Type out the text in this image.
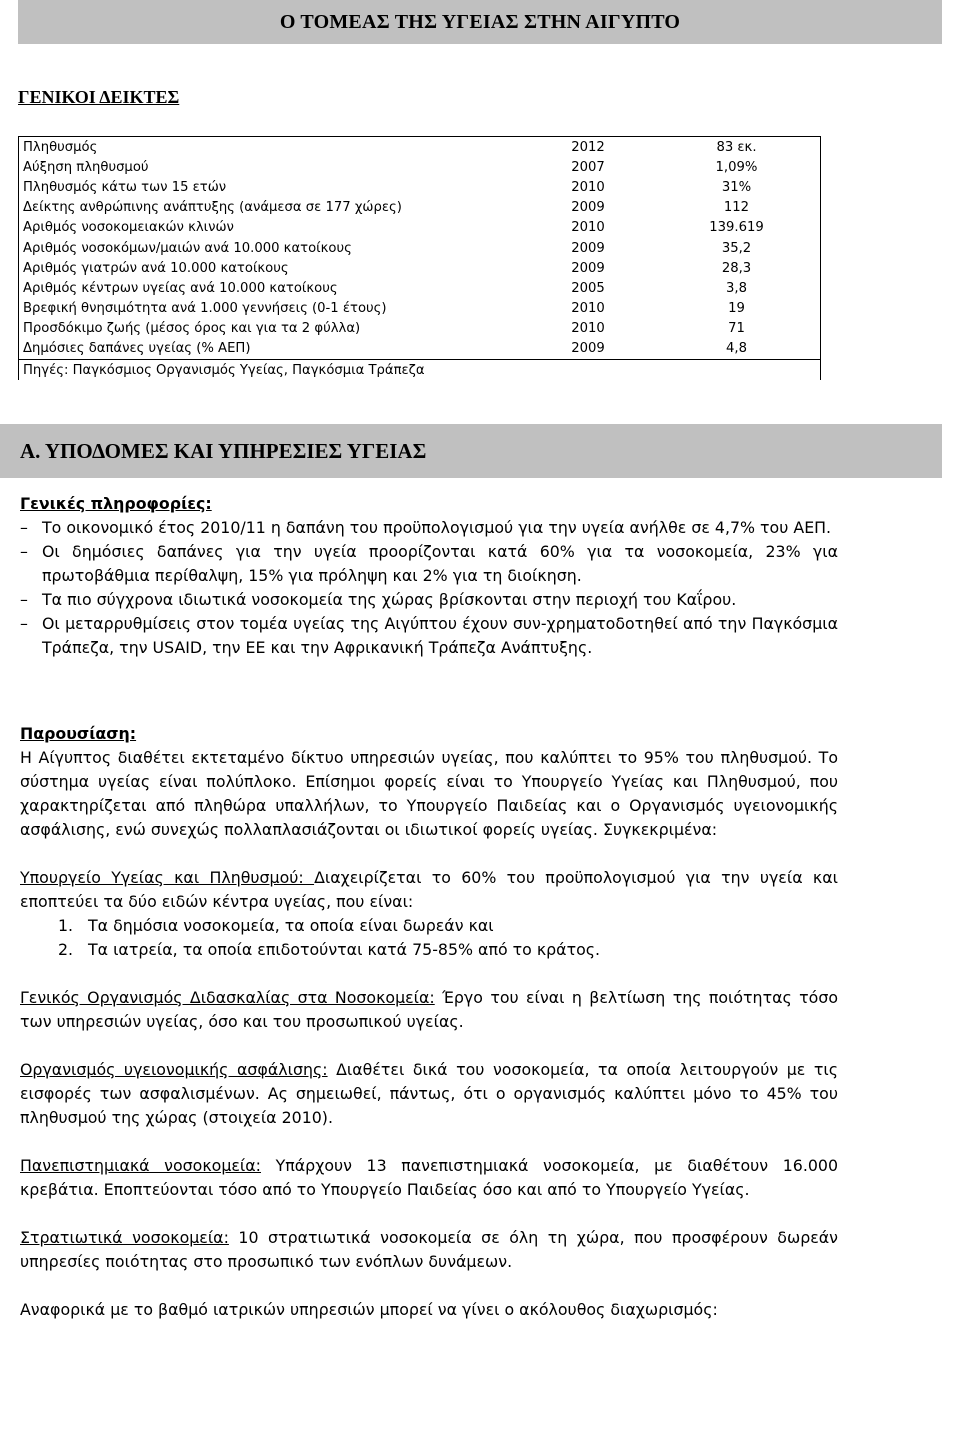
Ο ΤΟΜΕΑΣ ΤΗΣ ΥΓΕΙΑΣ ΣΤΗΝ ΑΙΓΥΠΤΟ
ΓΕΝΙΚΟΙ ΔΕΙΚΤΕΣ
Πληθυσμός	2012	83 εκ.
Αύξηση πληθυσμού	2007	1,09%
Πληθυσμός κάτω των 15 ετών	2010	31%
Δείκτης ανθρώπινης ανάπτυξης (ανάμεσα σε 177 χώρες)	2009	112
Αριθμός νοσοκομειακών κλινών	2010	139.619
Αριθμός νοσοκόμων/μαιών ανά 10.000 κατοίκους	2009	35,2
Αριθμός γιατρών ανά 10.000 κατοίκους	2009	28,3
Αριθμός κέντρων υγείας ανά 10.000 κατοίκους	2005	3,8
Βρεφική θνησιμότητα ανά 1.000 γεννήσεις (0-1 έτους)	2010	19
Προσδόκιμο ζωής (μέσος όρος και για τα 2 φύλλα)	2010	71
Δημόσιες δαπάνες υγείας (% ΑΕΠ)	2009	4,8
Πηγές: Παγκόσμιος Οργανισμός Υγείας, Παγκόσμια Τράπεζα
Α. ΥΠΟΔΟΜΕΣ ΚΑΙ ΥΠΗΡΕΣΙΕΣ ΥΓΕΙΑΣ

Γενικές πληροφορίες:

– Το οικονομικό έτος 2010/11 η δαπάνη του προϋπολογισμού για την υγεία ανήλθε σε 4,7% του ΑΕΠ.
– Οι δημόσιες δαπάνες για την υγεία προορίζονται κατά 60% για τα νοσοκομεία, 23% για πρωτοβάθμια περίθαλψη, 15% για πρόληψη και 2% για τη διοίκηση.
– Τα πιο σύγχρονα ιδιωτικά νοσοκομεία της χώρας βρίσκονται στην περιοχή του Καΐρου.
– Οι μεταρρυθμίσεις στον τομέα υγείας της Αιγύπτου έχουν συν-χρηματοδοτηθεί από την Παγκόσμια Τράπεζα, την USAID, την ΕΕ και την Αφρικανική Τράπεζα Ανάπτυξης.

Παρουσίαση:

Η Αίγυπτος διαθέτει εκτεταμένο δίκτυο υπηρεσιών υγείας, που καλύπτει το 95% του πληθυσμού. Το σύστημα υγείας είναι πολύπλοκο. Επίσημοι φορείς είναι το Υπουργείο Υγείας και Πληθυσμού, που χαρακτηρίζεται από πληθώρα υπαλλήλων, το Υπουργείο Παιδείας και ο Οργανισμός υγειονομικής ασφάλισης, ενώ συνεχώς πολλαπλασιάζονται οι ιδιωτικοί φορείς υγείας. Συγκεκριμένα:

Υπουργείο Υγείας και Πληθυσμού: Διαχειρίζεται το 60% του προϋπολογισμού για την υγεία και εποπτεύει τα δύο ειδών κέντρα υγείας, που είναι:

1. Τα δημόσια νοσοκομεία, τα οποία είναι δωρεάν και
2. Τα ιατρεία, τα οποία επιδοτούνται κατά 75-85% από το κράτος.

Γενικός Οργανισμός Διδασκαλίας στα Νοσοκομεία: Έργο του είναι η βελτίωση της ποιότητας τόσο των υπηρεσιών υγείας, όσο και του προσωπικού υγείας.

Οργανισμός υγειονομικής ασφάλισης: Διαθέτει δικά του νοσοκομεία, τα οποία λειτουργούν με τις εισφορές των ασφαλισμένων. Ας σημειωθεί, πάντως, ότι ο οργανισμός καλύπτει μόνο το 45% του πληθυσμού της χώρας (στοιχεία 2010).

Πανεπιστημιακά νοσοκομεία: Υπάρχουν 13 πανεπιστημιακά νοσοκομεία, με διαθέτουν 16.000 κρεβάτια. Εποπτεύονται τόσο από το Υπουργείο Παιδείας όσο και από το Υπουργείο Υγείας.

Στρατιωτικά νοσοκομεία: 10 στρατιωτικά νοσοκομεία σε όλη τη χώρα, που προσφέρουν δωρεάν υπηρεσίες ποιότητας στο προσωπικό των ενόπλων δυνάμεων.

Αναφορικά με το βαθμό ιατρικών υπηρεσιών μπορεί να γίνει ο ακόλουθος διαχωρισμός:
